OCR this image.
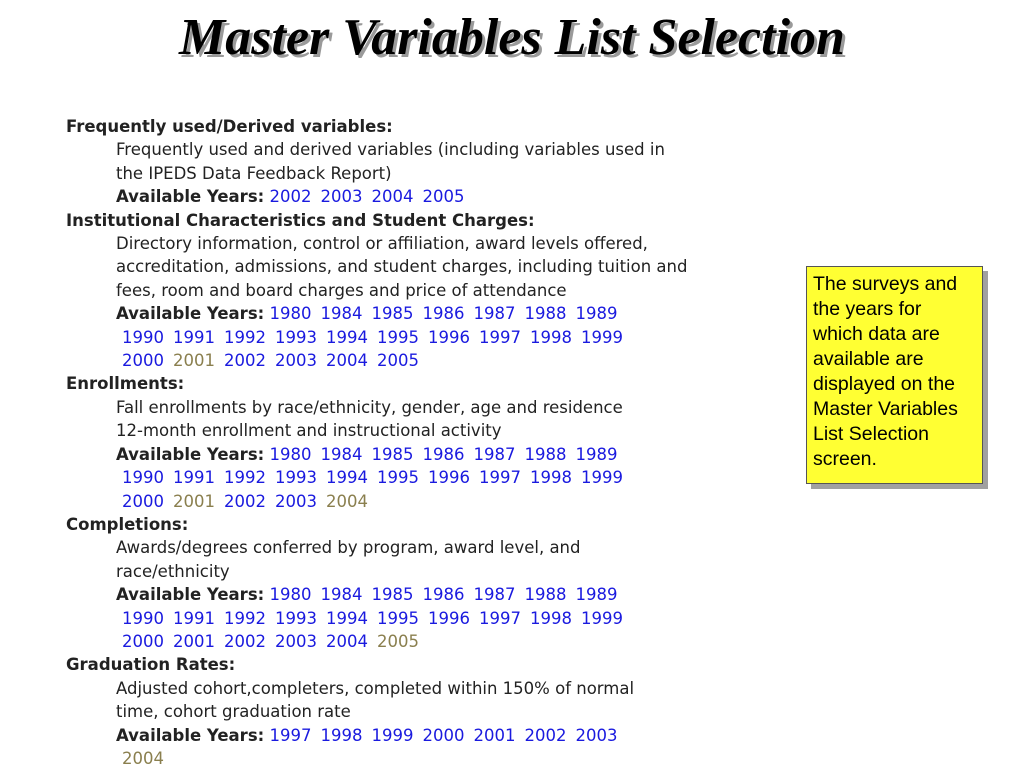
Master Variables List Selection
Frequently used/Derived variables:
Frequently used and derived variables (including variables used in
the IPEDS Data Feedback Report)
Available Years: 2002 2003 2004 2005
Institutional Characteristics and Student Charges:
Directory information, control or affiliation, award levels offered,
accreditation, admissions, and student charges, including tuition and
fees, room and board charges and price of attendance
Available Years: 1980 1984 1985 1986 1987 1988 1989
1990 1991 1992 1993 1994 1995 1996 1997 1998 1999
2000 2001 2002 2003 2004 2005
Enrollments:
Fall enrollments by race/ethnicity, gender, age and residence
12-month enrollment and instructional activity
Available Years: 1980 1984 1985 1986 1987 1988 1989
1990 1991 1992 1993 1994 1995 1996 1997 1998 1999
2000 2001 2002 2003 2004
Completions:
Awards/degrees conferred by program, award level, and
race/ethnicity
Available Years: 1980 1984 1985 1986 1987 1988 1989
1990 1991 1992 1993 1994 1995 1996 1997 1998 1999
2000 2001 2002 2003 2004 2005
Graduation Rates:
Adjusted cohort,completers, completed within 150% of normal
time, cohort graduation rate
Available Years: 1997 1998 1999 2000 2001 2002 2003
2004
The surveys and the years for which data are available are displayed on the Master Variables List Selection screen.
